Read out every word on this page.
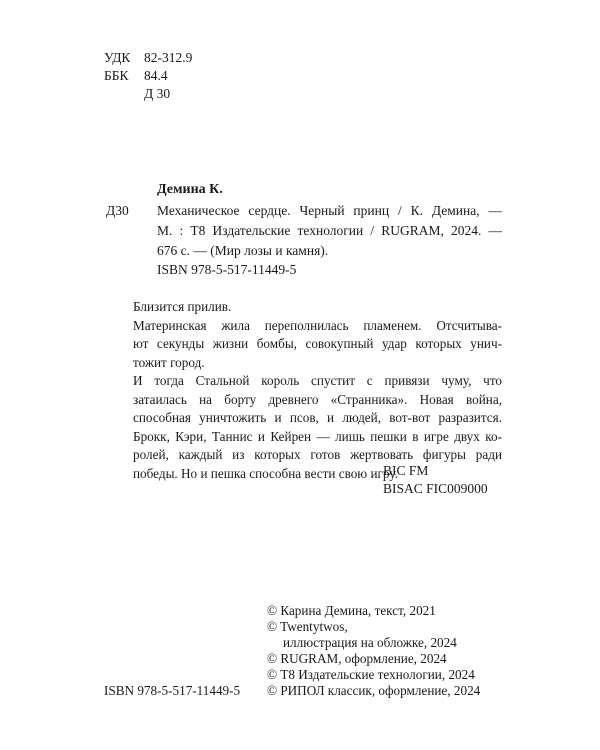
УДК 82-312.9
ББК 84.4
Д 30
Демина К.
Д30 Механическое сердце. Черный принц / К. Демина, —
М. : Т8 Издательские технологии / RUGRAM, 2024. —
676 с. — (Мир лозы и камня).
ISBN 978-5-517-11449-5
Близится прилив.
Материнская жила переполнилась пламенем. Отсчитыва-
ют секунды жизни бомбы, совокупный удар которых унич-
тожит город.
И тогда Стальной король спустит с привязи чуму, что
затаилась на борту древнего «Странника». Новая война,
способная уничтожить и псов, и людей, вот-вот разразится.
Брокк, Кэри, Таннис и Кейрен — лишь пешки в игре двух ко-
ролей, каждый из которых готов жертвовать фигуры ради
победы. Но и пешка способна вести свою игру.
BIC FM
BISAC FIC009000
© Карина Демина, текст, 2021
© Twentytwos,
иллюстрация на обложке, 2024
© RUGRAM, оформление, 2024
© Т8 Издательские технологии, 2024
© РИПОЛ классик, оформление, 2024
ISBN 978-5-517-11449-5
